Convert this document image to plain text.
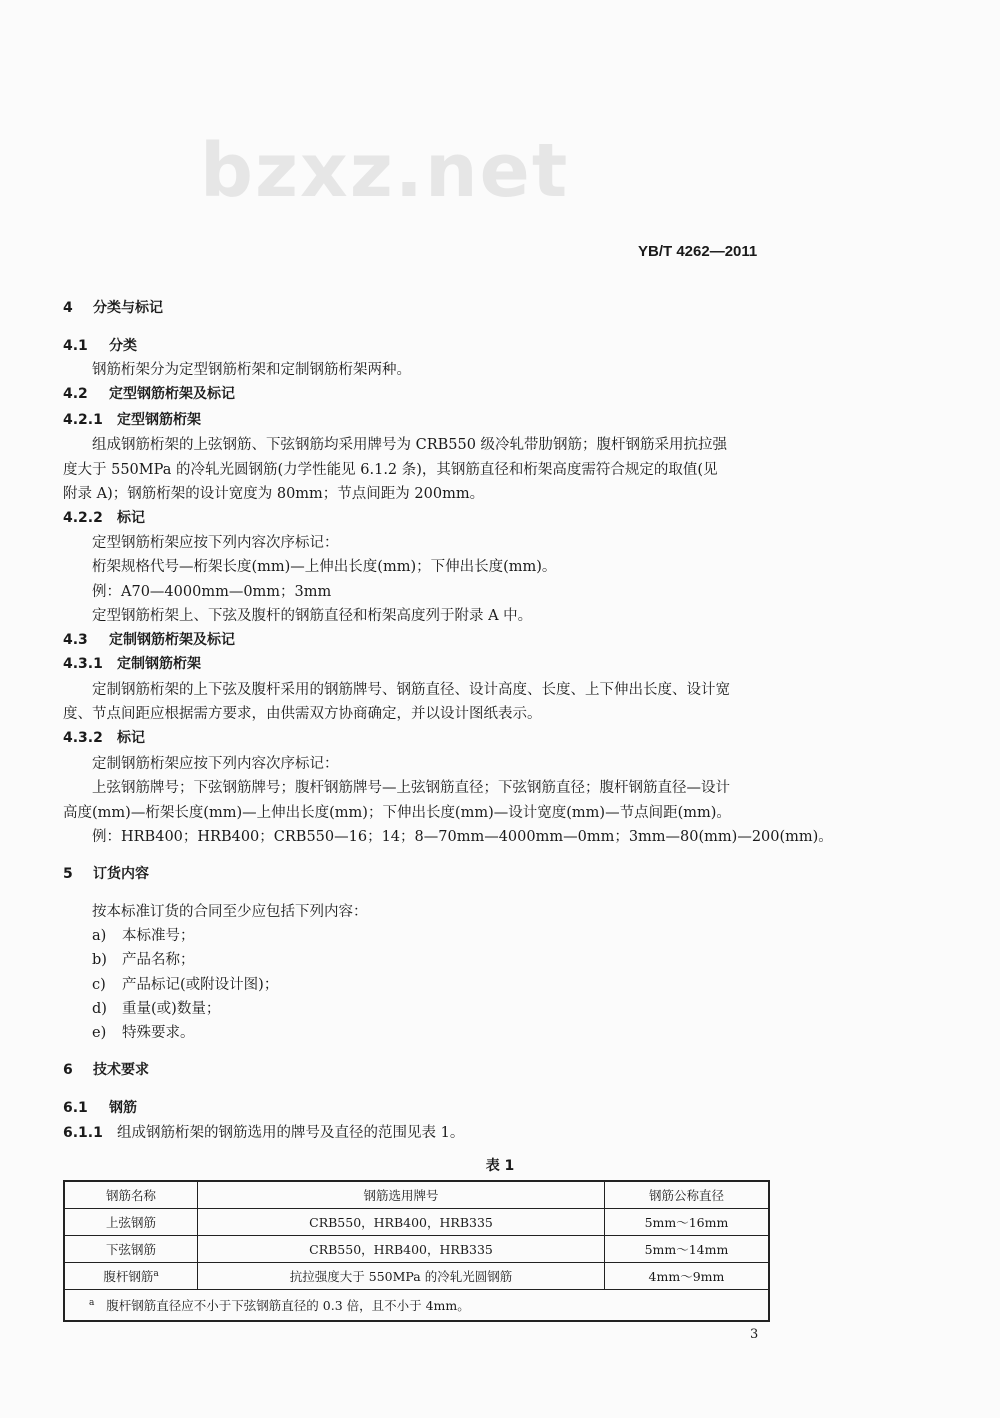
bzxz.net
YB/T 4262—2011
4 分类与标记
4.1 分类
钢筋桁架分为定型钢筋桁架和定制钢筋桁架两种。
4.2 定型钢筋桁架及标记
4.2.1 定型钢筋桁架
组成钢筋桁架的上弦钢筋、下弦钢筋均采用牌号为 CRB550 级冷轧带肋钢筋；腹杆钢筋采用抗拉强
度大于 550MPa 的冷轧光圆钢筋(力学性能见 6.1.2 条)，其钢筋直径和桁架高度需符合规定的取值(见
附录 A)；钢筋桁架的设计宽度为 80mm；节点间距为 200mm。
4.2.2 标记
定型钢筋桁架应按下列内容次序标记：
桁架规格代号—桁架长度(mm)—上伸出长度(mm)；下伸出长度(mm)。
例：A70—4000mm—0mm；3mm
定型钢筋桁架上、下弦及腹杆的钢筋直径和桁架高度列于附录 A 中。
4.3 定制钢筋桁架及标记
4.3.1 定制钢筋桁架
定制钢筋桁架的上下弦及腹杆采用的钢筋牌号、钢筋直径、设计高度、长度、上下伸出长度、设计宽
度、节点间距应根据需方要求，由供需双方协商确定，并以设计图纸表示。
4.3.2 标记
定制钢筋桁架应按下列内容次序标记：
上弦钢筋牌号；下弦钢筋牌号；腹杆钢筋牌号—上弦钢筋直径；下弦钢筋直径；腹杆钢筋直径—设计
高度(mm)—桁架长度(mm)—上伸出长度(mm)；下伸出长度(mm)—设计宽度(mm)—节点间距(mm)。
例：HRB400；HRB400；CRB550—16；14；8—70mm—4000mm—0mm；3mm—80(mm)—200(mm)。
5 订货内容
按本标准订货的合同至少应包括下列内容：
a) 本标准号；
b) 产品名称；
c) 产品标记(或附设计图)；
d) 重量(或)数量；
e) 特殊要求。
6 技术要求
6.1 钢筋
6.1.1 组成钢筋桁架的钢筋选用的牌号及直径的范围见表 1。
表 1
钢筋名称	钢筋选用牌号	钢筋公称直径
上弦钢筋	CRB550，HRB400，HRB335	5mm～16mm
下弦钢筋	CRB550，HRB400，HRB335	5mm～14mm
腹杆钢筋$^a$	抗拉强度大于 550MPa 的冷轧光圆钢筋	4mm～9mm
$^a$ 腹杆钢筋直径应不小于下弦钢筋直径的 0.3 倍，且不小于 4mm。		
3
